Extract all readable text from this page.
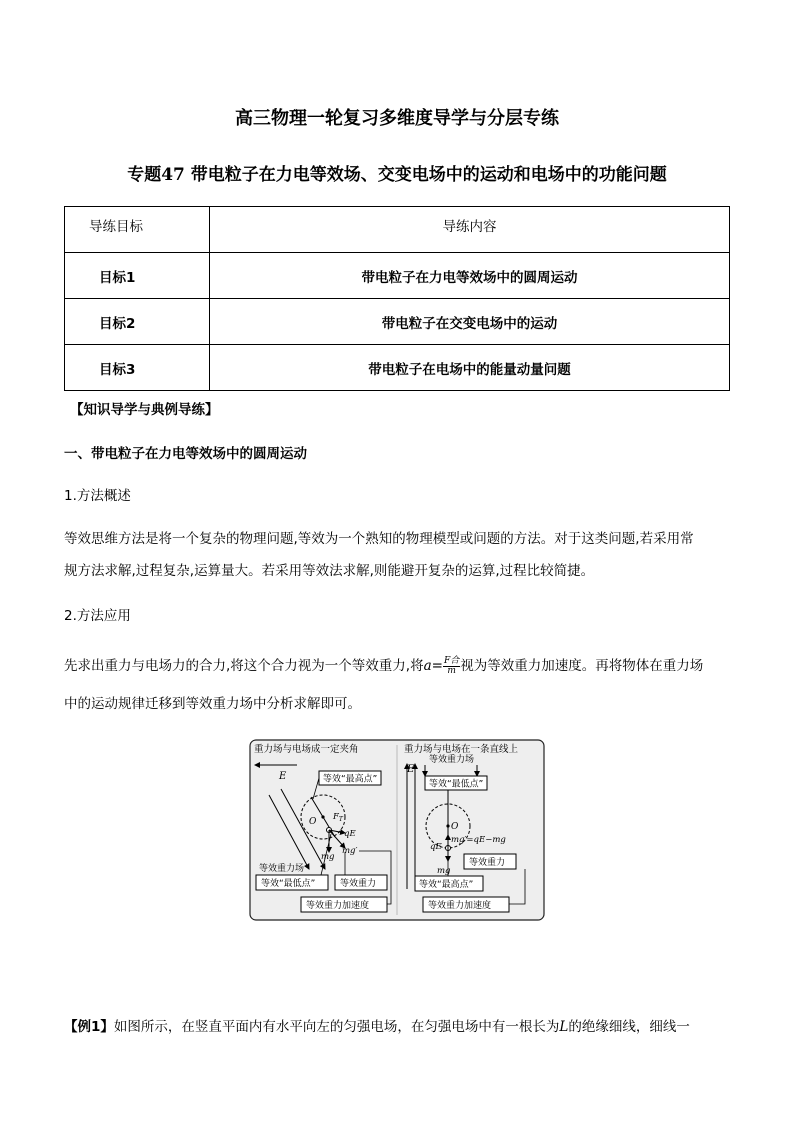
高三物理一轮复习多维度导学与分层专练
专题47 带电粒子在力电等效场、交变电场中的运动和电场中的功能问题
导练目标	导练内容
目标1	带电粒子在力电等效场中的圆周运动
目标2	带电粒子在交变电场中的运动
目标3	带电粒子在电场中的能量动量问题
【知识导学与典例导练】
一、带电粒子在力电等效场中的圆周运动
1.方法概述
等效思维方法是将一个复杂的物理问题,等效为一个熟知的物理模型或问题的方法。对于这类问题,若采用常
规方法求解,过程复杂,运算量大。若采用等效法求解,则能避开复杂的运算,过程比较简捷。
2.方法应用
先求出重力与电场力的合力,将这个合力视为一个等效重力,将$a= \frac{\text{F合}}{m}$ 视为等效重力加速度。再将物体在重力场
中的运动规律迁移到等效重力场中分析求解即可。
重力场与电场成一定夹角
E
O $F_T$
qE
mg
mg′
等效“最高点”
等效重力场
等效“最低点”	等效重力
等效重力加速度
重力场与电场在一条直线上
E
等效重力场
等效“最低点”
O
qE
mg
mg′=qE−mg
等效重力
等效“最高点”
等效重力加速度
【例1】如图所示，在竖直平面内有水平向左的匀强电场，在匀强电场中有一根长为L的绝缘细线，细线一
